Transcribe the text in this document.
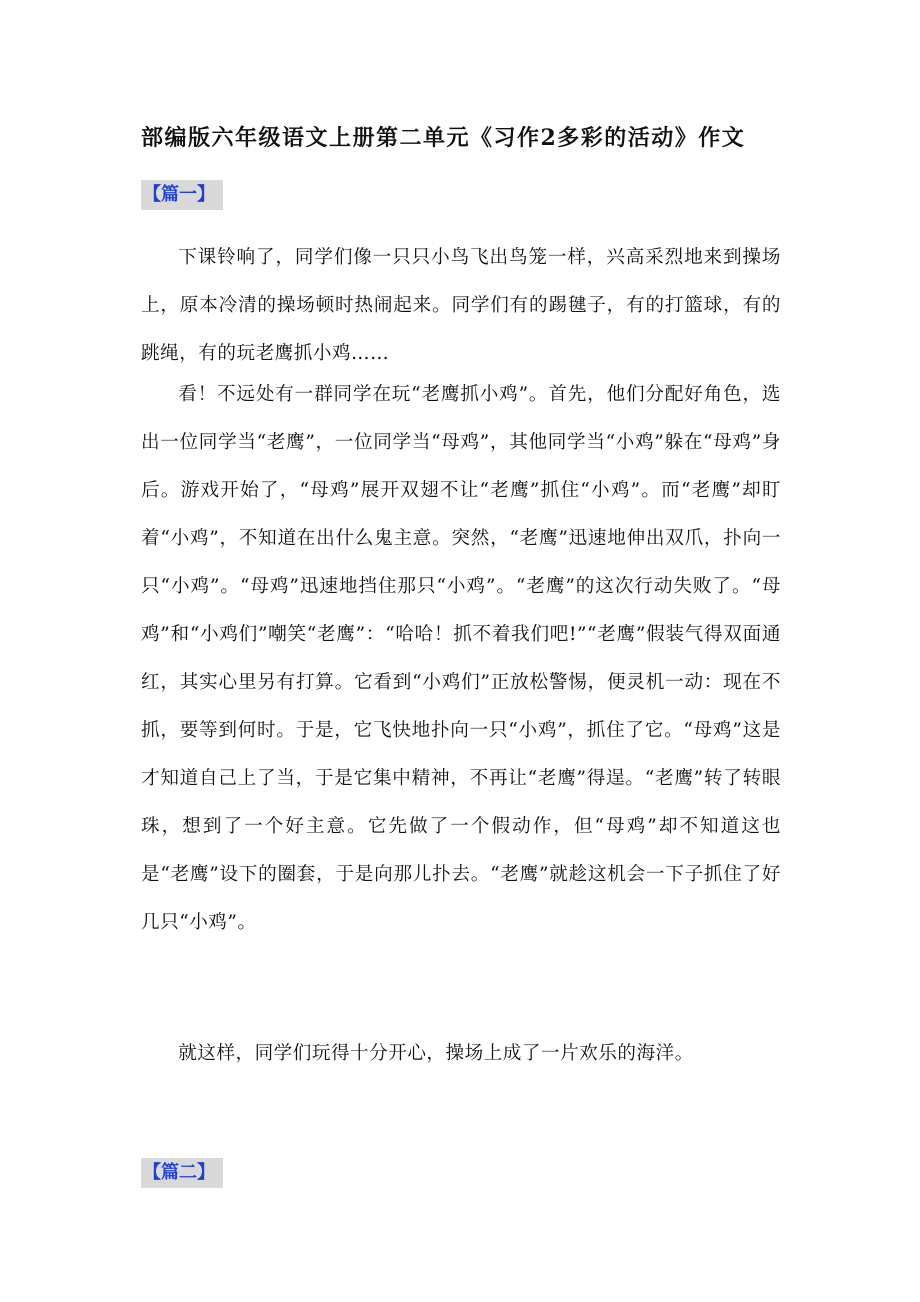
部编版六年级语文上册第二单元《习作2多彩的活动》作文
【篇一】

下课铃响了，同学们像一只只小鸟飞出鸟笼一样，兴高采烈地来到操场上，原本冷清的操场顿时热闹起来。同学们有的踢毽子，有的打篮球，有的跳绳，有的玩老鹰抓小鸡……

看！不远处有一群同学在玩“老鹰抓小鸡”。首先，他们分配好角色，选出一位同学当“老鹰”，一位同学当“母鸡”，其他同学当“小鸡”躲在“母鸡”身后。游戏开始了，“母鸡”展开双翅不让“老鹰”抓住“小鸡”。而“老鹰”却盯着“小鸡”，不知道在出什么鬼主意。突然，“老鹰”迅速地伸出双爪，扑向一只“小鸡”。“母鸡”迅速地挡住那只“小鸡”。“老鹰”的这次行动失败了。“母鸡”和“小鸡们”嘲笑“老鹰”：“哈哈！抓不着我们吧!”“老鹰”假装气得双面通红，其实心里另有打算。它看到“小鸡们”正放松警惕，便灵机一动：现在不抓，要等到何时。于是，它飞快地扑向一只“小鸡”，抓住了它。“母鸡”这是才知道自己上了当，于是它集中精神，不再让“老鹰”得逞。“老鹰”转了转眼珠，想到了一个好主意。它先做了一个假动作，但“母鸡”却不知道这也是“老鹰”设下的圈套，于是向那儿扑去。“老鹰”就趁这机会一下子抓住了好几只“小鸡”。

就这样，同学们玩得十分开心，操场上成了一片欢乐的海洋。

【篇二】
